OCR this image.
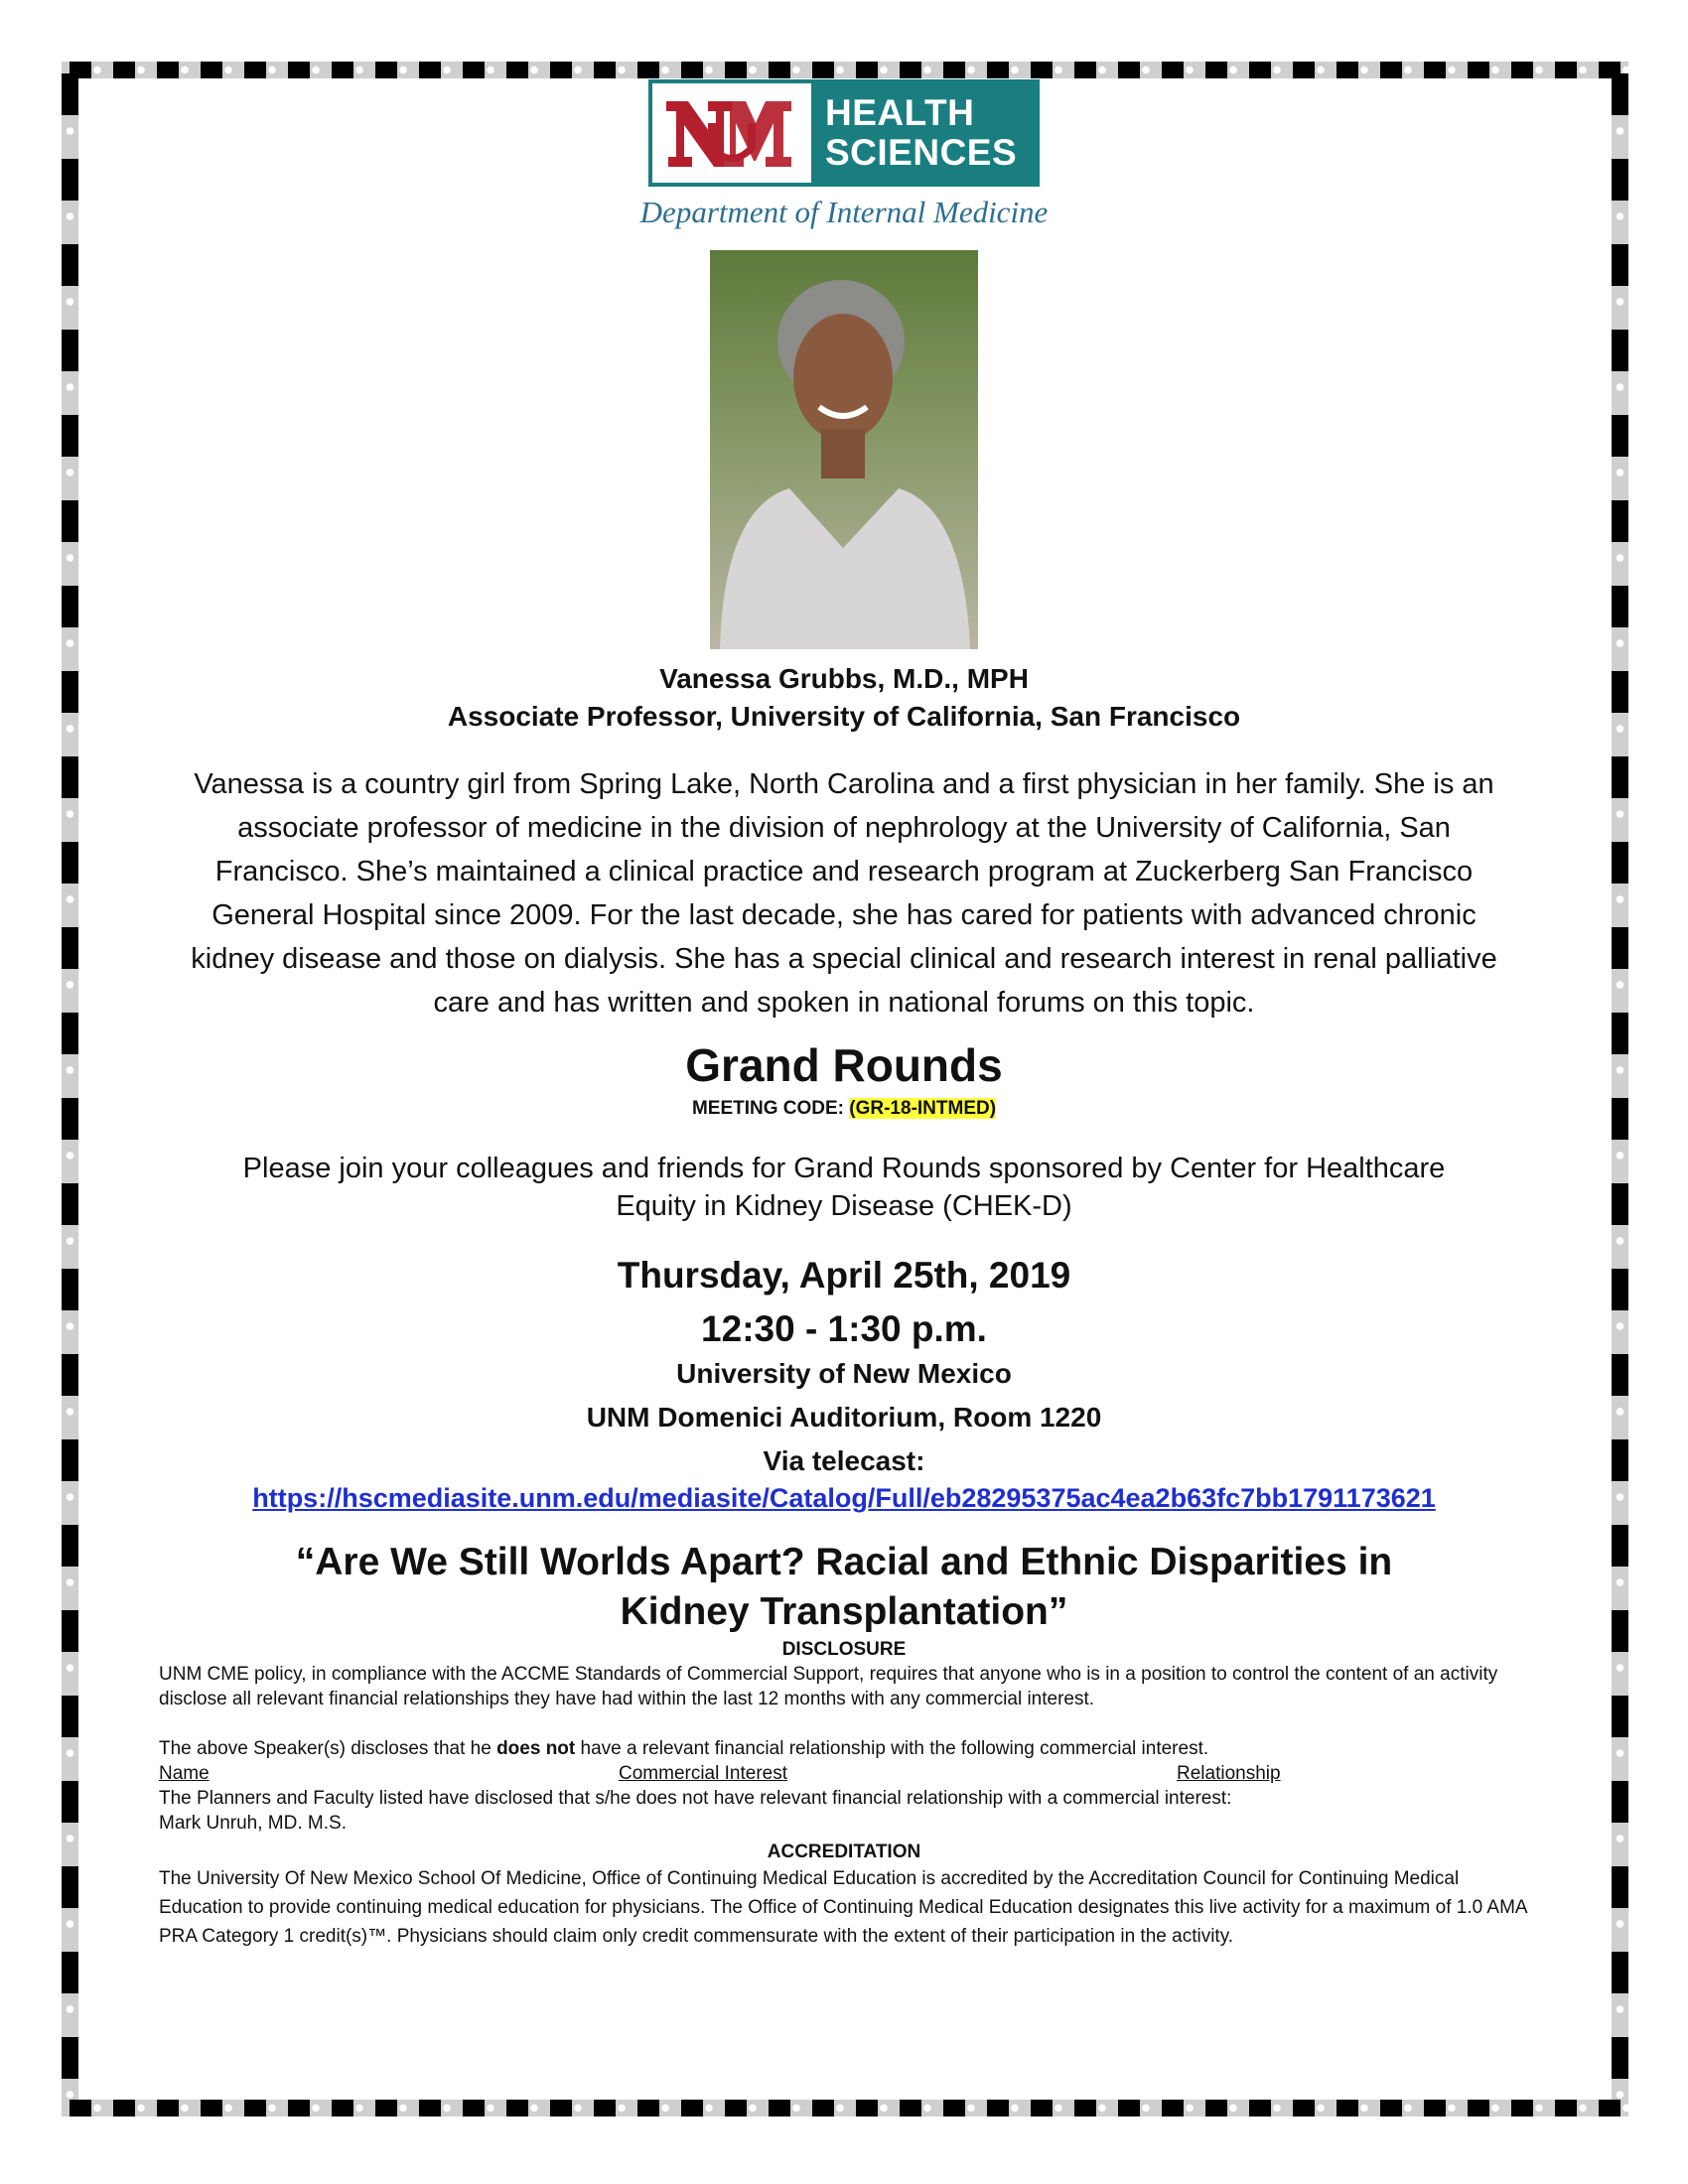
HEALTH
SCIENCES
Department of Internal Medicine
Vanessa Grubbs, M.D., MPH
Associate Professor, University of California, San Francisco
Vanessa is a country girl from Spring Lake, North Carolina and a first physician in her family. She is an associate professor of medicine in the division of nephrology at the University of California, San Francisco. She’s maintained a clinical practice and research program at Zuckerberg San Francisco General Hospital since 2009. For the last decade, she has cared for patients with advanced chronic kidney disease and those on dialysis. She has a special clinical and research interest in renal palliative care and has written and spoken in national forums on this topic.
Grand Rounds
MEETING CODE: (GR-18-INTMED)
Please join your colleagues and friends for Grand Rounds sponsored by Center for Healthcare Equity in Kidney Disease (CHEK-D)
Thursday, April 25th, 2019
12:30 - 1:30 p.m.
University of New Mexico
UNM Domenici Auditorium, Room 1220
Via telecast:
https://hscmediasite.unm.edu/mediasite/Catalog/Full/eb28295375ac4ea2b63fc7bb1791173621
“Are We Still Worlds Apart? Racial and Ethnic Disparities in
Kidney Transplantation”
DISCLOSURE

UNM CME policy, in compliance with the ACCME Standards of Commercial Support, requires that anyone who is in a position to control the content of an activity disclose all relevant financial relationships they have had within the last 12 months with any commercial interest.

The above Speaker(s) discloses that he does not have a relevant financial relationship with the following commercial interest.

Name	Commercial Interest	Relationship

The Planners and Faculty listed have disclosed that s/he does not have relevant financial relationship with a commercial interest:

Mark Unruh, MD. M.S.

ACCREDITATION

The University Of New Mexico School Of Medicine, Office of Continuing Medical Education is accredited by the Accreditation Council for Continuing Medical Education to provide continuing medical education for physicians. The Office of Continuing Medical Education designates this live activity for a maximum of 1.0 AMA PRA Category 1 credit(s)™. Physicians should claim only credit commensurate with the extent of their participation in the activity.
